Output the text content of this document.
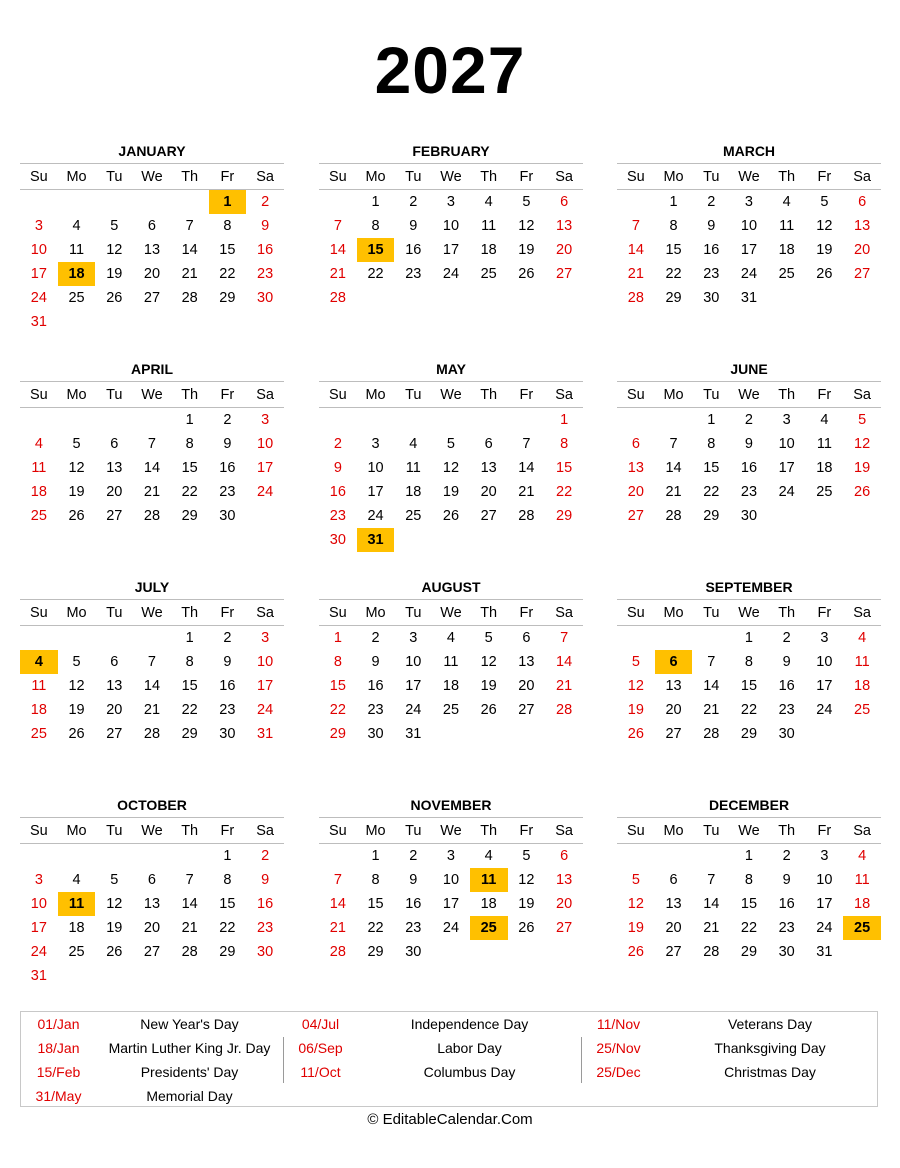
2027
JANUARY
Su	Mo	Tu	We	Th	Fr	Sa
					1	2
3	4	5	6	7	8	9
10	11	12	13	14	15	16
17	18	19	20	21	22	23
24	25	26	27	28	29	30
31						
FEBRUARY
Su	Mo	Tu	We	Th	Fr	Sa
	1	2	3	4	5	6
7	8	9	10	11	12	13
14	15	16	17	18	19	20
21	22	23	24	25	26	27
28						
MARCH
Su	Mo	Tu	We	Th	Fr	Sa
	1	2	3	4	5	6
7	8	9	10	11	12	13
14	15	16	17	18	19	20
21	22	23	24	25	26	27
28	29	30	31			
APRIL
Su	Mo	Tu	We	Th	Fr	Sa
				1	2	3
4	5	6	7	8	9	10
11	12	13	14	15	16	17
18	19	20	21	22	23	24
25	26	27	28	29	30	
MAY
Su	Mo	Tu	We	Th	Fr	Sa
						1
2	3	4	5	6	7	8
9	10	11	12	13	14	15
16	17	18	19	20	21	22
23	24	25	26	27	28	29
30	31					
JUNE
Su	Mo	Tu	We	Th	Fr	Sa
		1	2	3	4	5
6	7	8	9	10	11	12
13	14	15	16	17	18	19
20	21	22	23	24	25	26
27	28	29	30			
JULY
Su	Mo	Tu	We	Th	Fr	Sa
				1	2	3
4	5	6	7	8	9	10
11	12	13	14	15	16	17
18	19	20	21	22	23	24
25	26	27	28	29	30	31
AUGUST
Su	Mo	Tu	We	Th	Fr	Sa
1	2	3	4	5	6	7
8	9	10	11	12	13	14
15	16	17	18	19	20	21
22	23	24	25	26	27	28
29	30	31				
SEPTEMBER
Su	Mo	Tu	We	Th	Fr	Sa
			1	2	3	4
5	6	7	8	9	10	11
12	13	14	15	16	17	18
19	20	21	22	23	24	25
26	27	28	29	30		
OCTOBER
Su	Mo	Tu	We	Th	Fr	Sa
					1	2
3	4	5	6	7	8	9
10	11	12	13	14	15	16
17	18	19	20	21	22	23
24	25	26	27	28	29	30
31						
NOVEMBER
Su	Mo	Tu	We	Th	Fr	Sa
	1	2	3	4	5	6
7	8	9	10	11	12	13
14	15	16	17	18	19	20
21	22	23	24	25	26	27
28	29	30				
DECEMBER
Su	Mo	Tu	We	Th	Fr	Sa
			1	2	3	4
5	6	7	8	9	10	11
12	13	14	15	16	17	18
19	20	21	22	23	24	25
26	27	28	29	30	31	
01/Jan	New Year's Day
18/Jan	Martin Luther King Jr. Day
15/Feb	Presidents' Day
31/May	Memorial Day
04/Jul	Independence Day
06/Sep	Labor Day
11/Oct	Columbus Day
11/Nov	Veterans Day
25/Nov	Thanksgiving Day
25/Dec	Christmas Day
© EditableCalendar.Com
